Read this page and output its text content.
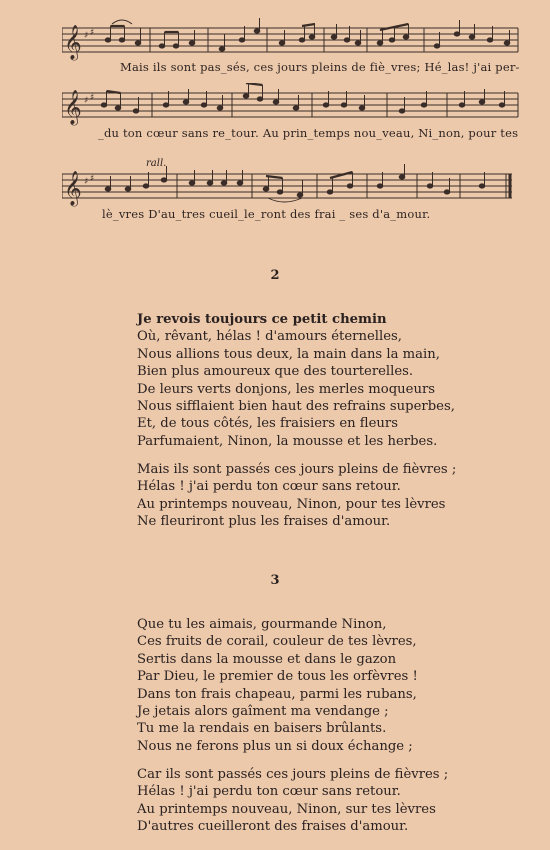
𝄞 ♯ ♯
Mais ils sont pas_sés, ces jours pleins de fiè_vres; Hé_las! j'ai per-
𝄞 ♯ ♯
_du ton cœur sans re_tour. Au prin_temps nou_veau, Ni_non, pour tes
rall.
𝄞 ♯ ♯
lè_vres D'au_tres cueil_le_ront des frai _ ses d'a_mour.
2
Je revois toujours ce petit chemin
Où, rêvant, hélas ! d'amours éternelles,
Nous allions tous deux, la main dans la main,
Bien plus amoureux que des tourterelles.
De leurs verts donjons, les merles moqueurs
Nous sifflaient bien haut des refrains superbes,
Et, de tous côtés, les fraisiers en fleurs
Parfumaient, Ninon, la mousse et les herbes.
Mais ils sont passés ces jours pleins de fièvres ;
Hélas ! j'ai perdu ton cœur sans retour.
Au printemps nouveau, Ninon, pour tes lèvres
Ne fleuriront plus les fraises d'amour.
3
Que tu les aimais, gourmande Ninon,
Ces fruits de corail, couleur de tes lèvres,
Sertis dans la mousse et dans le gazon
Par Dieu, le premier de tous les orfèvres !
Dans ton frais chapeau, parmi les rubans,
Je jetais alors gaîment ma vendange ;
Tu me la rendais en baisers brûlants.
Nous ne ferons plus un si doux échange ;
Car ils sont passés ces jours pleins de fièvres ;
Hélas ! j'ai perdu ton cœur sans retour.
Au printemps nouveau, Ninon, sur tes lèvres
D'autres cueilleront des fraises d'amour.
